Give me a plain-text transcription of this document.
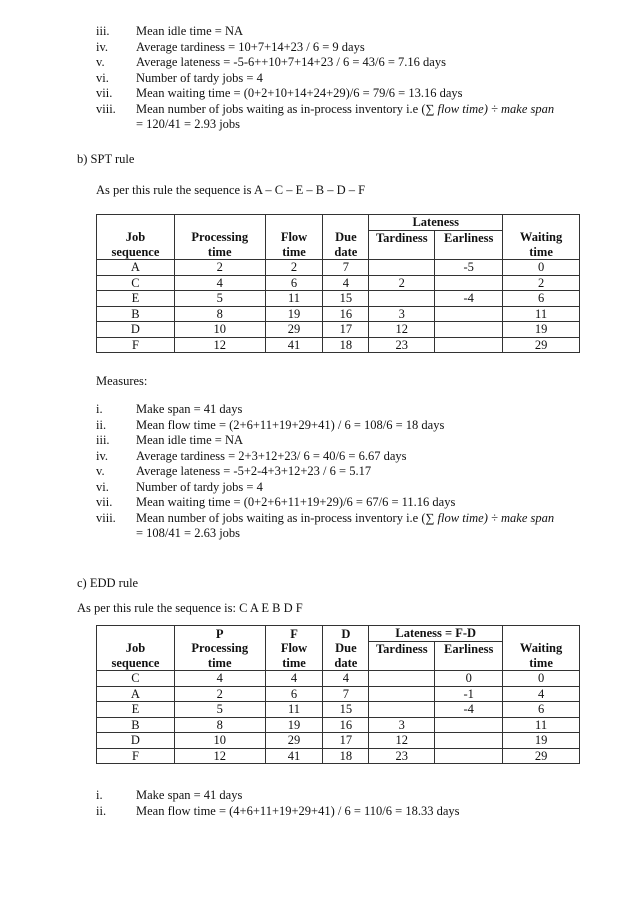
iii. Mean idle time = NA
iv. Average tardiness = 10+7+14+23 / 6 = 9 days
v.	Average lateness = -5-6++10+7+14+23 / 6 = 43/6 = 7.16 days
vi. Number of tardy jobs = 4
vii. Mean waiting time = (0+2+10+14+24+29)/6 = 79/6 = 13.16 days
viii. Mean number of jobs waiting as in-process inventory i.e (∑ flow time) ÷ make span
= 120/41 = 2.93 jobs
b) SPT rule
As per this rule the sequence is A – C – E – B – D – F
				Lateness		
Job	Processing	Flow	Due	Tardiness	Earliness	Waiting
sequence	time	time	date			time
A	2	2	7		-5	0
C	4	6	4	2		2
E	5	11	15		-4	6
B	8	19	16	3		11
D	10	29	17	12		19
F	12	41	18	23		29
Measures:
i.	Make span = 41 days
ii. Mean flow time = (2+6+11+19+29+41) / 6 = 108/6 = 18 days
iii. Mean idle time = NA
iv. Average tardiness = 2+3+12+23/ 6 = 40/6 = 6.67 days
v.	Average lateness = -5+2-4+3+12+23 / 6 = 5.17
vi. Number of tardy jobs = 4
vii. Mean waiting time = (0+2+6+11+19+29)/6 = 67/6 = 11.16 days
viii. Mean number of jobs waiting as in-process inventory i.e (∑ flow time) ÷ make span
= 108/41 = 2.63 jobs
c) EDD rule
As per this rule the sequence is: C A E B D F
	P	F	D	Lateness = F-D		
Job	Processing	Flow	Due	Tardiness	Earliness	Waiting
sequence	time	time	date			time
C	4	4	4		0	0
A	2	6	7		-1	4
E	5	11	15		-4	6
B	8	19	16	3		11
D	10	29	17	12		19
F	12	41	18	23		29
i.	Make span = 41 days
ii. Mean flow time = (4+6+11+19+29+41) / 6 = 110/6 = 18.33 days
